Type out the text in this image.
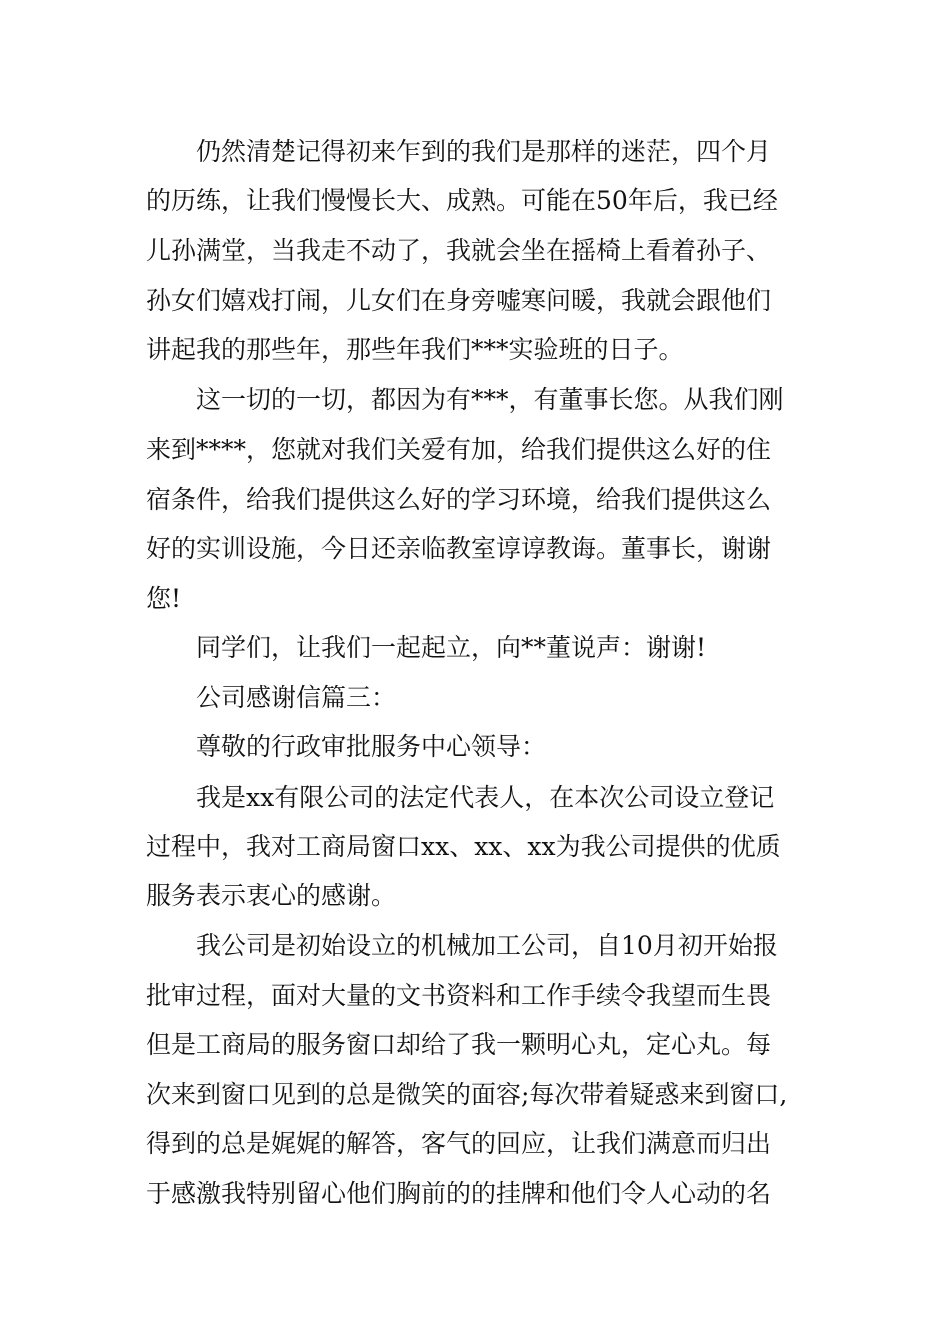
仍然清楚记得初来乍到的我们是那样的迷茫，四个月
的历练，让我们慢慢长大、成熟。可能在50年后，我已经
儿孙满堂，当我走不动了，我就会坐在摇椅上看着孙子、
孙女们嬉戏打闹，儿女们在身旁嘘寒问暖，我就会跟他们
讲起我的那些年，那些年我们***实验班的日子。
这一切的一切，都因为有***，有董事长您。从我们刚
来到****，您就对我们关爱有加，给我们提供这么好的住
宿条件，给我们提供这么好的学习环境，给我们提供这么
好的实训设施，今日还亲临教室谆谆教诲。董事长，谢谢
您!
同学们，让我们一起起立，向**董说声：谢谢!
公司感谢信篇三：
尊敬的行政审批服务中心领导：
我是xx有限公司的法定代表人，在本次公司设立登记
过程中，我对工商局窗口xx、xx、xx为我公司提供的优质
服务表示衷心的感谢。
我公司是初始设立的机械加工公司，自10月初开始报
批审过程，面对大量的文书资料和工作手续令我望而生畏
但是工商局的服务窗口却给了我一颗明心丸，定心丸。每
次来到窗口见到的总是微笑的面容;每次带着疑惑来到窗口,
得到的总是娓娓的解答，客气的回应，让我们满意而归出
于感激我特别留心他们胸前的的挂牌和他们令人心动的名
